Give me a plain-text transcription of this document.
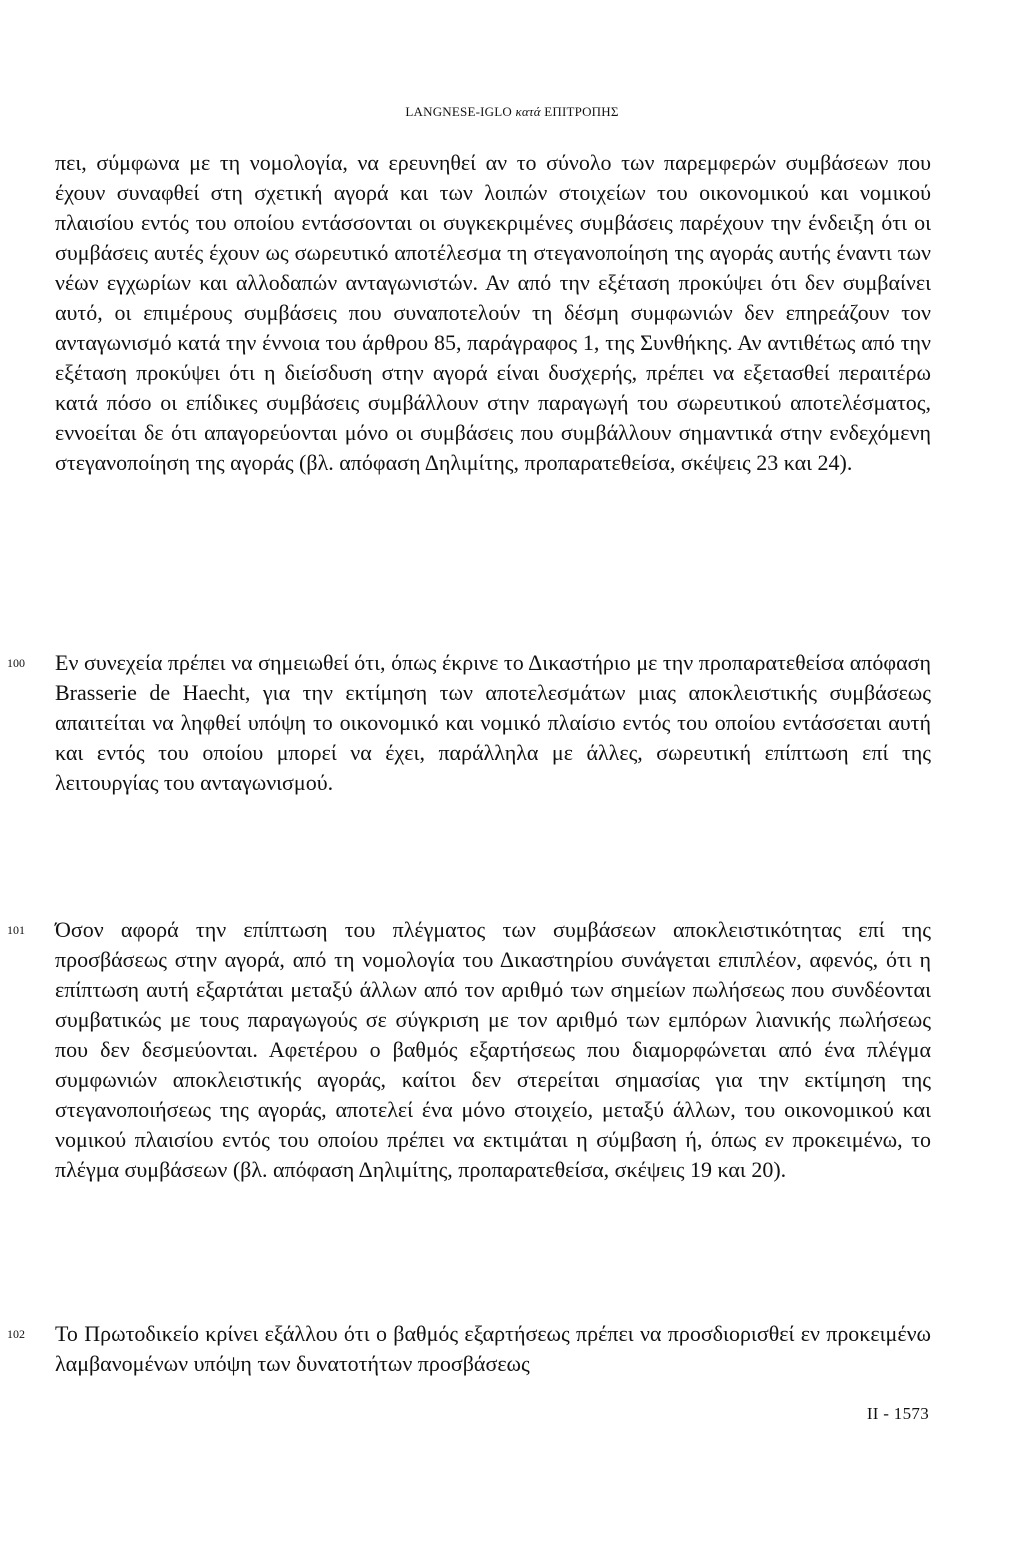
LANGNESE-IGLO κατά ΕΠΙΤΡΟΠΗΣ

πει, σύμφωνα με τη νομολογία, να ερευνηθεί αν το σύνολο των παρεμφερών συμβάσεων που έχουν συναφθεί στη σχετική αγορά και των λοιπών στοιχείων του οικονομικού και νομικού πλαισίου εντός του οποίου εντάσσονται οι συγκεκριμένες συμβάσεις παρέχουν την ένδειξη ότι οι συμβάσεις αυτές έχουν ως σωρευτικό αποτέλεσμα τη στεγανοποίηση της αγοράς αυτής έναντι των νέων εγχωρίων και αλλοδαπών ανταγωνιστών. Αν από την εξέταση προκύψει ότι δεν συμβαίνει αυτό, οι επιμέρους συμβάσεις που συναποτελούν τη δέσμη συμφωνιών δεν επηρεάζουν τον ανταγωνισμό κατά την έννοια του άρθρου 85, παράγραφος 1, της Συνθήκης. Αν αντιθέτως από την εξέταση προκύψει ότι η διείσδυση στην αγορά είναι δυσχερής, πρέπει να εξετασθεί περαιτέρω κατά πόσο οι επίδικες συμβάσεις συμβάλλουν στην παραγωγή του σωρευτικού αποτελέσματος, εννοείται δε ότι απαγορεύονται μόνο οι συμβάσεις που συμβάλλουν σημαντικά στην ενδεχόμενη στεγανοποίηση της αγοράς (βλ. απόφαση Δηλιμίτης, προπαρατεθείσα, σκέψεις 23 και 24).

100 Εν συνεχεία πρέπει να σημειωθεί ότι, όπως έκρινε το Δικαστήριο με την προπαρατεθείσα απόφαση Brasserie de Haecht, για την εκτίμηση των αποτελεσμάτων μιας αποκλειστικής συμβάσεως απαιτείται να ληφθεί υπόψη το οικονομικό και νομικό πλαίσιο εντός του οποίου εντάσσεται αυτή και εντός του οποίου μπορεί να έχει, παράλληλα με άλλες, σωρευτική επίπτωση επί της λειτουργίας του ανταγωνισμού.

101 Όσον αφορά την επίπτωση του πλέγματος των συμβάσεων αποκλειστικότητας επί της προσβάσεως στην αγορά, από τη νομολογία του Δικαστηρίου συνάγεται επιπλέον, αφενός, ότι η επίπτωση αυτή εξαρτάται μεταξύ άλλων από τον αριθμό των σημείων πωλήσεως που συνδέονται συμβατικώς με τους παραγωγούς σε σύγκριση με τον αριθμό των εμπόρων λιανικής πωλήσεως που δεν δεσμεύονται. Αφετέρου ο βαθμός εξαρτήσεως που διαμορφώνεται από ένα πλέγμα συμφωνιών αποκλειστικής αγοράς, καίτοι δεν στερείται σημασίας για την εκτίμηση της στεγανοποιήσεως της αγοράς, αποτελεί ένα μόνο στοιχείο, μεταξύ άλλων, του οικονομικού και νομικού πλαισίου εντός του οποίου πρέπει να εκτιμάται η σύμβαση ή, όπως εν προκειμένω, το πλέγμα συμβάσεων (βλ. απόφαση Δηλιμίτης, προπαρατεθείσα, σκέψεις 19 και 20).

102 Το Πρωτοδικείο κρίνει εξάλλου ότι ο βαθμός εξαρτήσεως πρέπει να προσδιορισθεί εν προκειμένω λαμβανομένων υπόψη των δυνατοτήτων προσβάσεως

II - 1573
